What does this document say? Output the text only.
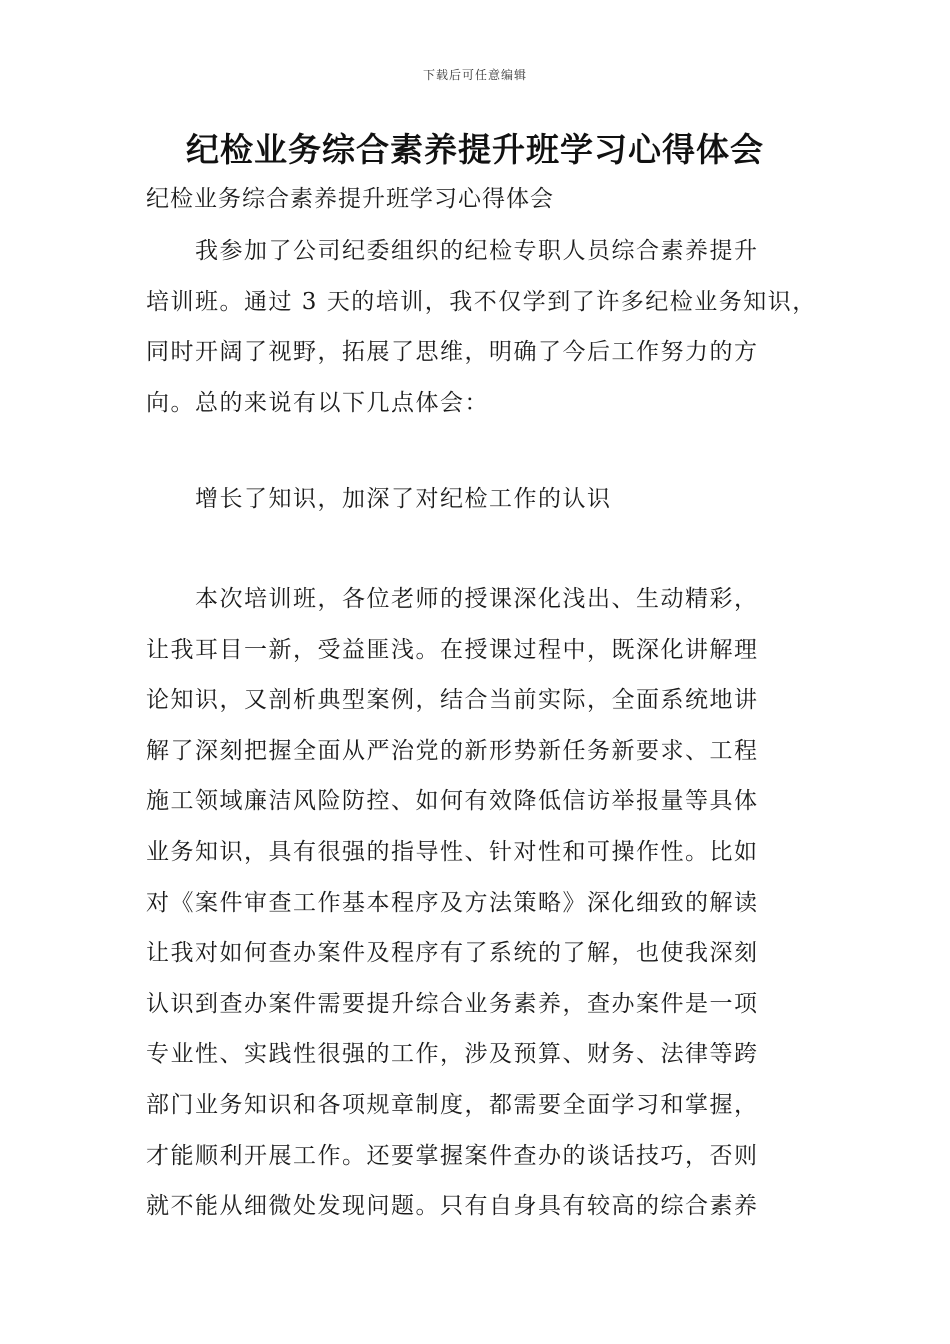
下载后可任意编辑
纪检业务综合素养提升班学习心得体会
纪检业务综合素养提升班学习心得体会
我参加了公司纪委组织的纪检专职人员综合素养提升
培训班。通过 3 天的培训，我不仅学到了许多纪检业务知识，
同时开阔了视野，拓展了思维，明确了今后工作努力的方
向。总的来说有以下几点体会：
增长了知识，加深了对纪检工作的认识
本次培训班，各位老师的授课深化浅出、生动精彩，
让我耳目一新，受益匪浅。在授课过程中，既深化讲解理
论知识，又剖析典型案例，结合当前实际，全面系统地讲
解了深刻把握全面从严治党的新形势新任务新要求、工程
施工领域廉洁风险防控、如何有效降低信访举报量等具体
业务知识，具有很强的指导性、针对性和可操作性。比如
对《案件审查工作基本程序及方法策略》深化细致的解读
让我对如何查办案件及程序有了系统的了解，也使我深刻
认识到查办案件需要提升综合业务素养，查办案件是一项
专业性、实践性很强的工作，涉及预算、财务、法律等跨
部门业务知识和各项规章制度，都需要全面学习和掌握，
才能顺利开展工作。还要掌握案件查办的谈话技巧，否则
就不能从细微处发现问题。只有自身具有较高的综合素养
